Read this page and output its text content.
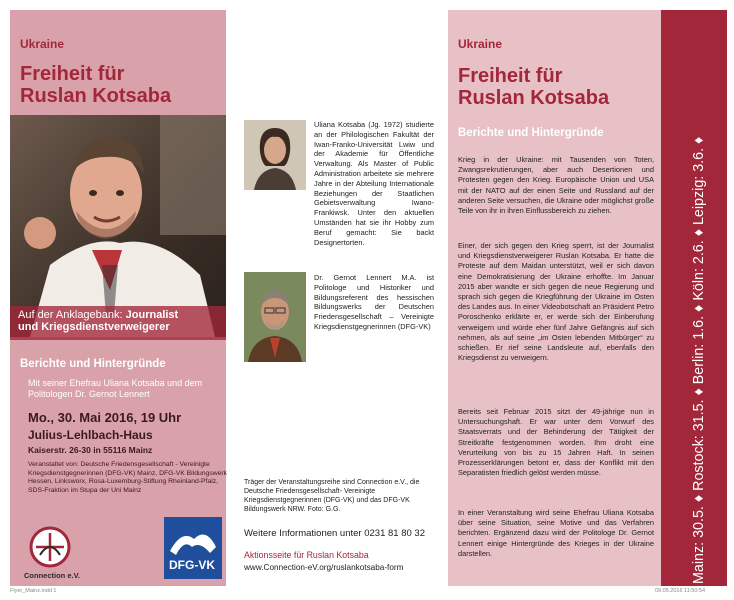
Ukraine
Freiheit für
Ruslan Kotsaba
Auf der Anklagebank: Journalist
und Kriegsdienstverweigerer
Berichte und Hintergründe
Mit seiner Ehefrau Uliana Kotsaba und dem Politologen Dr. Gernot Lennert
Mo., 30. Mai 2016, 19 Uhr
Julius-Lehlbach-Haus
Kaiserstr. 26-30 in 55116 Mainz
Veranstaltet von: Deutsche Friedensgesellschaft - Vereinigte Kriegsdienstgegnerinnen (DFG-VK) Mainz, DFG-VK Bildungswerk Hessen, Linksworx, Rosa-Luxemburg-Stiftung Rheinland-Pfalz, SDS-Fraktion im Stupa der Uni Mainz
Connection e.V.
DFG-VK
Uliana Kotsaba (Jg. 1972) studierte an der Philologischen Fakultät der Iwan-Franko-Universität Lwiw und der Akademie für Öffentliche Verwaltung. Als Master of Public Administration arbeitete sie mehrere Jahre in der Abteilung Internationale Beziehungen der Staatlichen Gebietsverwaltung Iwano-Frankiwsk. Unter den aktuellen Umständen hat sie ihr Hobby zum Beruf gemacht: Sie backt Designertorten.
Dr. Gernot Lennert M.A. ist Politologe und Historiker und Bildungsreferent des hessischen Bildungswerks der Deutschen Friedensgesellschaft – Vereinigte Kriegsdienstgegnerinnen (DFG-VK)
Träger der Veranstaltungsreihe sind Connection e.V., die Deutsche Friedensgesellschaft- Vereinigte Kriegsdienstgegnerinnen (DFG-VK) und das DFG-VK Bildungswerk NRW. Foto: G.G.
Weitere Informationen unter 0231 81 80 32
Aktionsseite für Ruslan Kotsaba
www.Connection-eV.org/ruslankotsaba-form
Ukraine
Freiheit für
Ruslan Kotsaba
Berichte und Hintergründe
Krieg in der Ukraine: mit Tausenden von Toten, Zwangsrekrutierungen, aber auch Desertionen und Protesten gegen den Krieg. Europäische Union und USA mit der NATO auf der einen Seite und Russland auf der anderen Seite versuchen, die Ukraine oder möglichst große Teile von ihr in ihren Einflussbereich zu ziehen.
Einer, der sich gegen den Krieg sperrt, ist der Journalist und Kriegsdienstverweigerer Ruslan Kotsaba. Er hatte die Proteste auf dem Maidan unterstützt, weil er sich davon eine Demokratisierung der Ukraine erhoffte. Im Januar 2015 aber wandte er sich gegen die neue Regierung und sprach sich gegen die Kriegführung der Ukraine im Osten des Landes aus. In einer Videobotschaft an Präsident Petro Poroschenko erklärte er, er werde sich der Einberufung verweigern und würde eher fünf Jahre Gefängnis auf sich nehmen, als auf seine „im Osten lebenden Mitbürger“ zu schießen. Er rief seine Landsleute auf, ebenfalls den Kriegsdienst zu verweigern.
Bereits seit Februar 2015 sitzt der 49-jährige nun in Untersuchungshaft. Er war unter dem Vorwurf des Staatsverrats und der Behinderung der Tätigkeit der Streitkräfte festgenommen worden. Ihm droht eine Verurteilung von bis zu 15 Jahren Haft. In seinen Prozesserklärungen betont er, dass der Konflikt mit den Separatisten friedlich gelöst werden müsse.
In einer Veranstaltung wird seine Ehefrau Uliana Kotsaba über seine Situation, seine Motive und das Verfahren berichten. Ergänzend dazu wird der Politologe Dr. Gernot Lennert einige Hintergründe des Krieges in der Ukraine darstellen.	Mainz: 30.5. ♦ Rostock: 31.5. ♦ Berlin: 1.6. ♦ Köln: 2.6. ♦ Leipzig: 3.6. ♦
Flyer_Mainz.indd 1	09.05.2016 11:50:54
